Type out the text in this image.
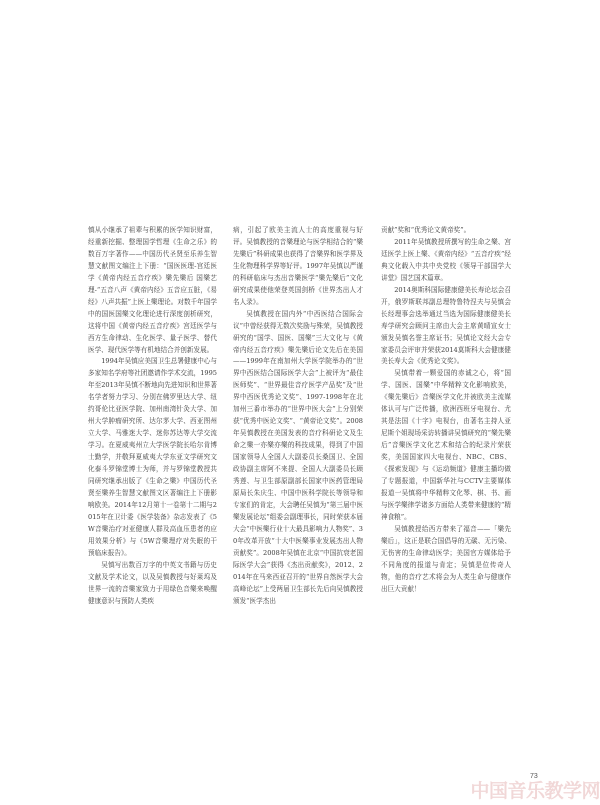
慎从小继承了祖辈与积累的医学知识财富，经重新挖掘、整理国学哲理《生命之乐》的数百万字著作——中国历代圣贤至乐养生智慧文献图文编注上下册：“国医医理-宫廷医学《黄帝内经五音疗疾》樂先樂后 国樂艺理-“五音八声《黄帝内经》五音应五脏，《易经》八声共振”上医上樂理论。对数千年国学中的国医国樂文化理论进行深度剖析研究，这将中国《黄帝内经五音疗疾》宫廷医学与西方生命律动、生化医学、量子医学、替代医学、现代医学等有机地结合并创新发展。

1994年吴慎应美国卫生总署健康中心与多家知名学府等社团邀请作学术交流，1995年至2013年吴慎不断地向先进知识和世界著名学者努力学习、分别在佛罗里达大学、纽约哥伦比亚医学院、加州南湾针灸大学、加州大学肿瘤研究所、达尔茅大学、西亚图州立大学、马雅迷大学、迷你苏达等大学交流学习。在夏威夷州立大学医学院长哈尔肯博士勤学，并敬拜夏威夷大学东亚文学研究文化泰斗罗锦堂博士为师，并与罗锦堂教授共同研究继承出版了《生命之樂》中国历代圣贤至樂养生智慧文献图文区著编注上下册影响欧美。2014年12月第十一卷第十二期与2015年在卫计委《医学装备》杂志发表了《5W音樂治疗对亚健康人群及高血压患者的应用效果分析》与《5W音樂理疗对失眠的干预临床报告》。

吴慎写出数百万字的中英文书籍与历史文献及学术论文，以及吴慎教授与好莱坞及世界一流的音樂家致力于用绿色音樂来唤醒健康意识与预防人类疾

病，引起了欧美主流人士的高度重视与好评。吴慎教授的音樂理论与医学相结合的“樂先樂后”科研成果也获得了音樂界和医学界及生化物理科学界等好评。1997年吴慎以严谨的科研临床与杰出音樂医学“樂先樂后”文化研究成果使他荣登英国剑桥《世界杰出人才名人录》。

吴慎教授在国内外“中西医结合国际会议”中曾经获得无数次奖励与殊荣，吴慎教授研究的“国学、国医、国樂”三大文化与《黄帝内经五音疗疾》樂先樂后论文先后在美国——1999年在南加州大学医学院举办的“世界中西医结合国际医学大会”上被评为“最佳医师奖”、“世界最佳音疗医学产品奖”及“世界中西医优秀论文奖”、1997-1998年在北加州三番市举办的“世界中医大会”上分别荣获“优秀中医论文奖”、“黄帝论文奖”。2008年吴慎教授在美国发表的音疗科研论文及生命之樂一亦樂亦樂的科技成果，得到了中国国家领导人全国人大副委员长桑国卫、全国政协副主席阿不来提、全国人大副委员长顾秀莲、与卫生部原副部长国家中医药管理局原局长朱庆生、中国中医科学院长等领导和专家们的肯定，大会聘任吴慎为“第三届中医樂发展论坛”组委会副理事长，同时荣获本届大会“中医樂行业十大最具影响力人物奖”、30年改革开放“十大中医樂事业发展杰出人物贡献奖”。2008年吴慎在北京“中国抗衰老国际医学大会”获得《杰出贡献奖》，2012、2014年在马来西亚召开的“世界自然医学大会高峰论坛”上受两届卫生部长先后向吴慎教授颁发“医学杰出

贡献”奖和“优秀论文黄帝奖”。

2011年吴慎教授所撰写的生命之樂、宫廷医学上医上樂、《黄帝内经》“五音疗疾”经典文化载入中共中央党校《领导干部国学大讲堂》国艺国术篇章。

2014奥斯科国际健康健美长寿论坛会召开，俄罗斯联邦副总理特鲁特涅夫与吴慎会长经理事会选举通过当选为国际健康健美长寿学研究会顾问主席由大会主席黄晴宣女士颁发吴慎名誉主席证书；吴慎论文经大会专家委员会评审并荣获2014莫斯科大会健康健美长寿大会《优秀论文奖》。

吴慎带着一颗爱国的赤诚之心，将“国学、国医、国樂”中华精粹文化影响欧美，《樂先樂后》音樂医学文化并被欧美主流媒体认可与广泛传播，欧洲西班牙电视台、尤其是法国《十字》电视台，由著名主持人亚尼斯个姐现场采访转播讲吴慎研究的“樂先樂后”音樂医学文化艺术和结合的纪录片荣获奖，美国国家四大电视台、NBC、CBS、《探索发现》与《运动频道》健康主播均做了专题报道，中国新华社与CCTV主要媒体报道一吴慎将中华精粹文化琴、棋、书、画与医学樂律学诸多方面给人类带来健康的“精神食粮”。

吴慎教授给西方带来了福音——「樂先樂后」，这正是联合国倡导的无碳、无污染、无伤害的生命律动医学；美国官方媒体给予不同角度的报道与肯定；吴慎是位传奇人物，他的音疗艺术将会为人类生命与健康作出巨大贡献！

73
中国音乐教学网
